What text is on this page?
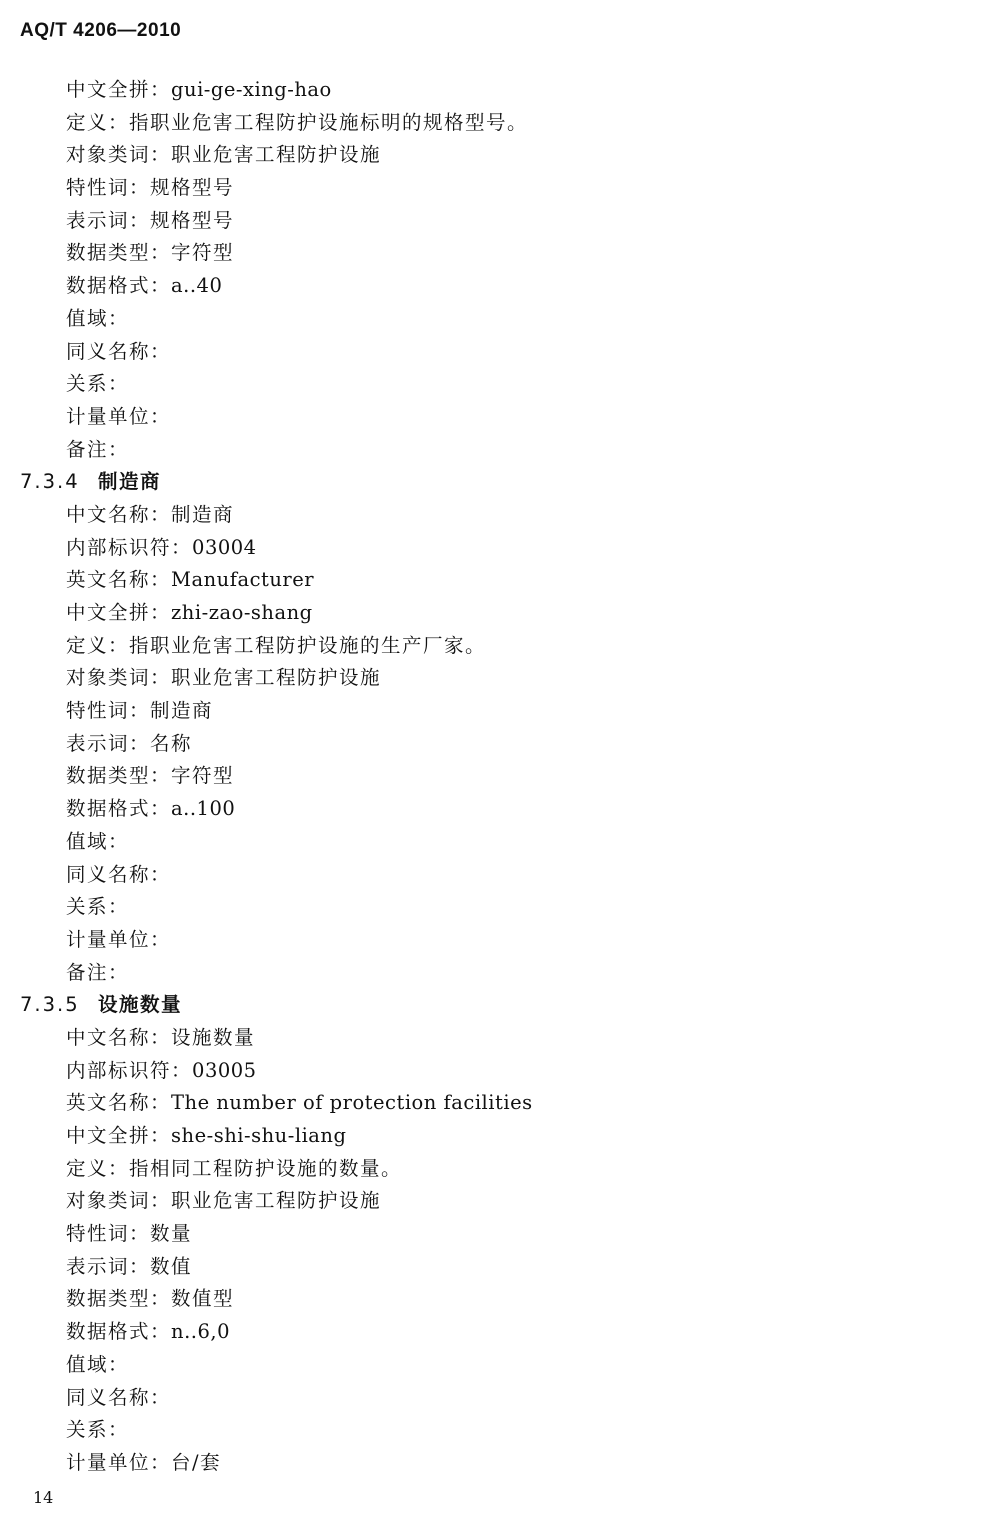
AQ/T 4206—2010
中文全拼：gui-ge-xing-hao
定义：指职业危害工程防护设施标明的规格型号。
对象类词：职业危害工程防护设施
特性词：规格型号
表示词：规格型号
数据类型：字符型
数据格式：a..40
值域：
同义名称：
关系：
计量单位：
备注：
7.3.4 制造商
中文名称：制造商
内部标识符：03004
英文名称：Manufacturer
中文全拼：zhi-zao-shang
定义：指职业危害工程防护设施的生产厂家。
对象类词：职业危害工程防护设施
特性词：制造商
表示词：名称
数据类型：字符型
数据格式：a..100
值域：
同义名称：
关系：
计量单位：
备注：
7.3.5 设施数量
中文名称：设施数量
内部标识符：03005
英文名称：The number of protection facilities
中文全拼：she-shi-shu-liang
定义：指相同工程防护设施的数量。
对象类词：职业危害工程防护设施
特性词：数量
表示词：数值
数据类型：数值型
数据格式：n..6,0
值域：
同义名称：
关系：
计量单位：台/套
14
